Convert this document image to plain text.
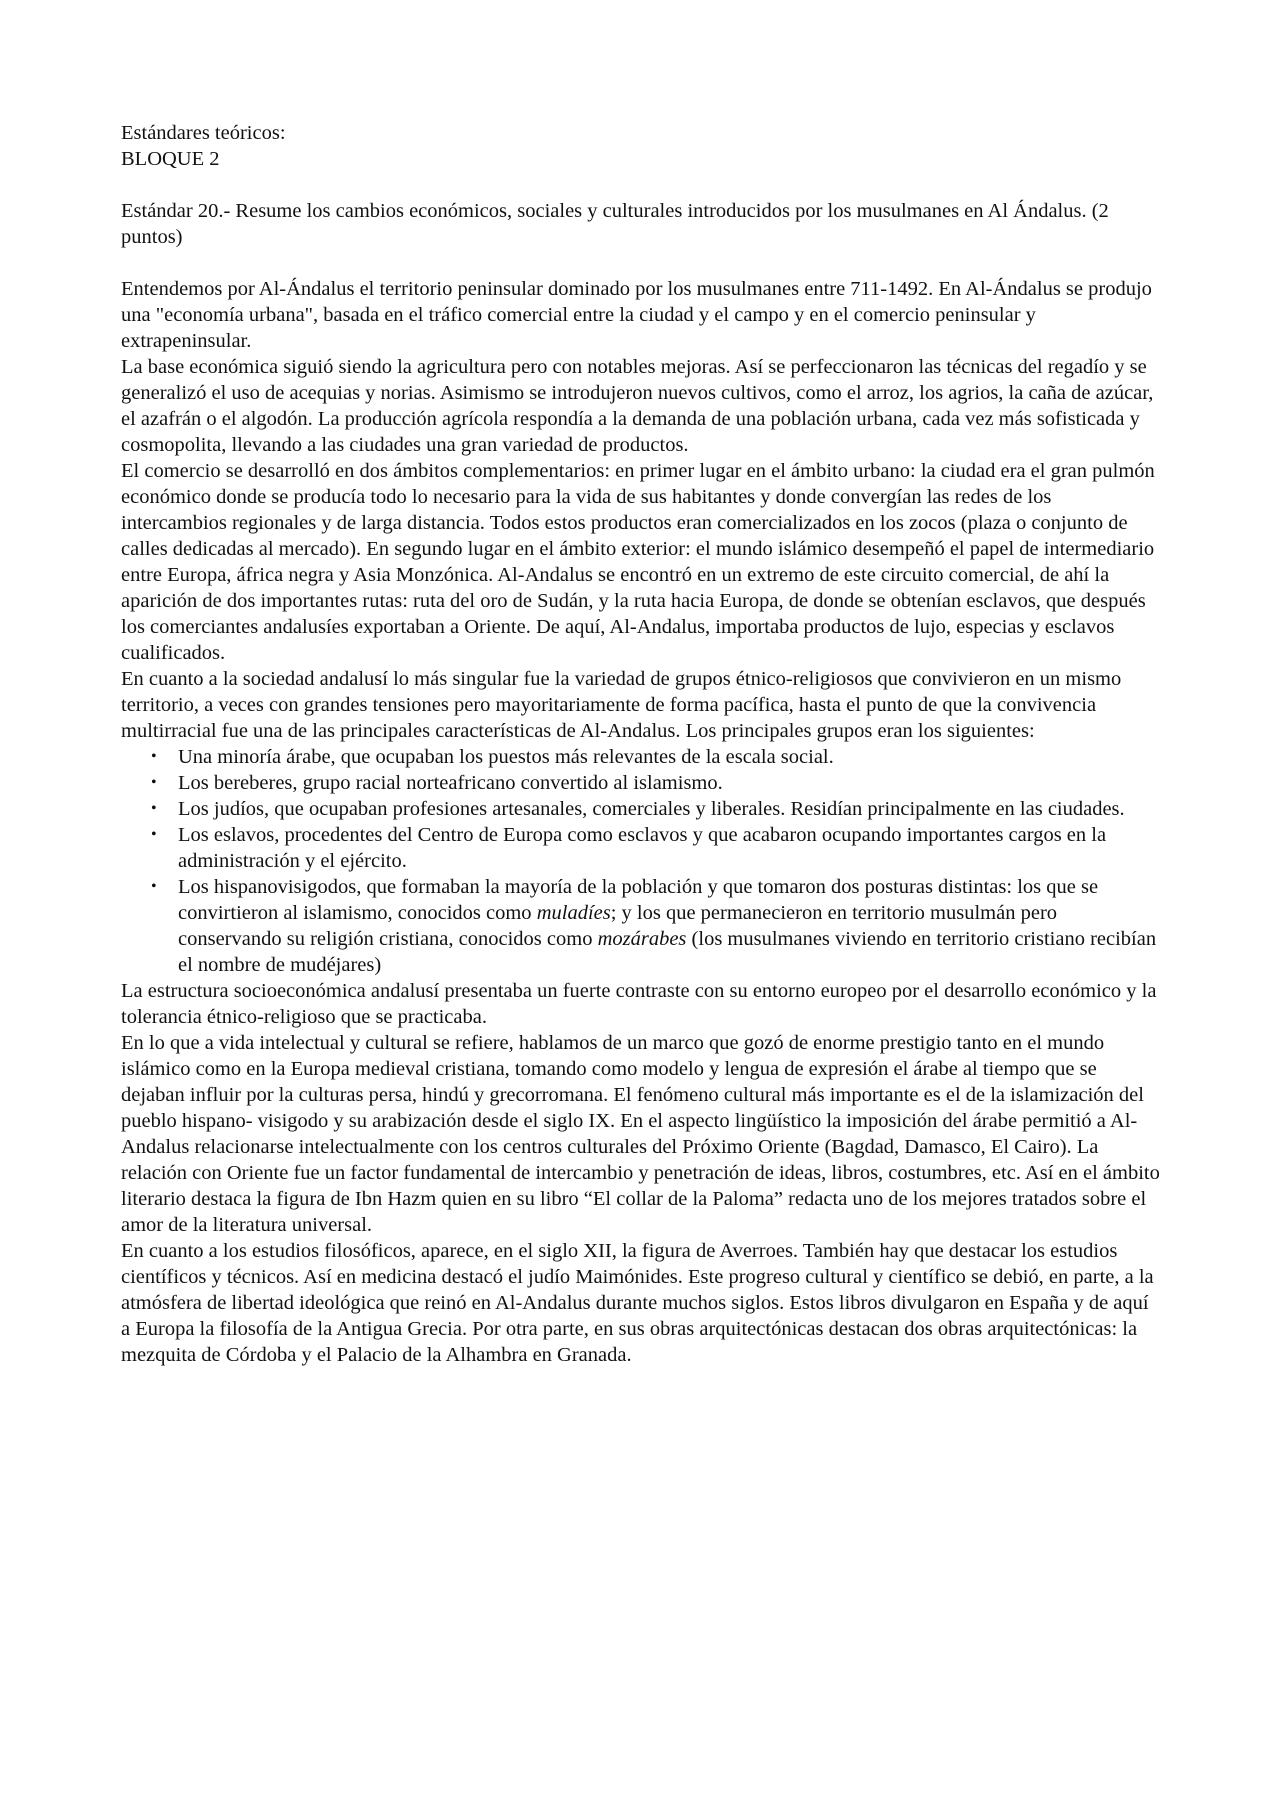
Estándares teóricos:

BLOQUE 2

Estándar 20.- Resume los cambios económicos, sociales y culturales introducidos por los musulmanes en Al Ándalus. (2 puntos)

Entendemos por Al-Ándalus el territorio peninsular dominado por los musulmanes entre 711-1492. En Al-Ándalus se produjo una "economía urbana", basada en el tráfico comercial entre la ciudad y el campo y en el comercio peninsular y extrapeninsular.

La base económica siguió siendo la agricultura pero con notables mejoras. Así se perfeccionaron las técnicas del regadío y se generalizó el uso de acequias y norias. Asimismo se introdujeron nuevos cultivos, como el arroz, los agrios, la caña de azúcar, el azafrán o el algodón. La producción agrícola respondía a la demanda de una población urbana, cada vez más sofisticada y cosmopolita, llevando a las ciudades una gran variedad de productos.

El comercio se desarrolló en dos ámbitos complementarios: en primer lugar en el ámbito urbano: la ciudad era el gran pulmón económico donde se producía todo lo necesario para la vida de sus habitantes y donde convergían las redes de los intercambios regionales y de larga distancia. Todos estos productos eran comercializados en los zocos (plaza o conjunto de calles dedicadas al mercado). En segundo lugar en el ámbito exterior: el mundo islámico desempeñó el papel de intermediario entre Europa, áfrica negra y Asia Monzónica. Al-Andalus se encontró en un extremo de este circuito comercial, de ahí la aparición de dos importantes rutas: ruta del oro de Sudán, y la ruta hacia Europa, de donde se obtenían esclavos, que después los comerciantes andalusíes exportaban a Oriente. De aquí, Al-Andalus, importaba productos de lujo, especias y esclavos cualificados.

En cuanto a la sociedad andalusí lo más singular fue la variedad de grupos étnico-religiosos que convivieron en un mismo territorio, a veces con grandes tensiones pero mayoritariamente de forma pacífica, hasta el punto de que la convivencia multirracial fue una de las principales características de Al-Andalus. Los principales grupos eran los siguientes:

• Una minoría árabe, que ocupaban los puestos más relevantes de la escala social.
• Los bereberes, grupo racial norteafricano convertido al islamismo.
• Los judíos, que ocupaban profesiones artesanales, comerciales y liberales. Residían principalmente en las ciudades.
• Los eslavos, procedentes del Centro de Europa como esclavos y que acabaron ocupando importantes cargos en la administración y el ejército.
• Los hispanovisigodos, que formaban la mayoría de la población y que tomaron dos posturas distintas: los que se convirtieron al islamismo, conocidos como muladíes; y los que permanecieron en territorio musulmán pero conservando su religión cristiana, conocidos como mozárabes (los musulmanes viviendo en territorio cristiano recibían el nombre de mudéjares)

La estructura socioeconómica andalusí presentaba un fuerte contraste con su entorno europeo por el desarrollo económico y la tolerancia étnico-religioso que se practicaba.

En lo que a vida intelectual y cultural se refiere, hablamos de un marco que gozó de enorme prestigio tanto en el mundo islámico como en la Europa medieval cristiana, tomando como modelo y lengua de expresión el árabe al tiempo que se dejaban influir por la culturas persa, hindú y grecorromana. El fenómeno cultural más importante es el de la islamización del pueblo hispano- visigodo y su arabización desde el siglo IX. En el aspecto lingüístico la imposición del árabe permitió a Al-Andalus relacionarse intelectualmente con los centros culturales del Próximo Oriente (Bagdad, Damasco, El Cairo). La relación con Oriente fue un factor fundamental de intercambio y penetración de ideas, libros, costumbres, etc. Así en el ámbito literario destaca la figura de Ibn Hazm quien en su libro “El collar de la Paloma” redacta uno de los mejores tratados sobre el amor de la literatura universal.

En cuanto a los estudios filosóficos, aparece, en el siglo XII, la figura de Averroes. También hay que destacar los estudios científicos y técnicos. Así en medicina destacó el judío Maimónides. Este progreso cultural y científico se debió, en parte, a la atmósfera de libertad ideológica que reinó en Al-Andalus durante muchos siglos. Estos libros divulgaron en España y de aquí a Europa la filosofía de la Antigua Grecia. Por otra parte, en sus obras arquitectónicas destacan dos obras arquitectónicas: la mezquita de Córdoba y el Palacio de la Alhambra en Granada.
